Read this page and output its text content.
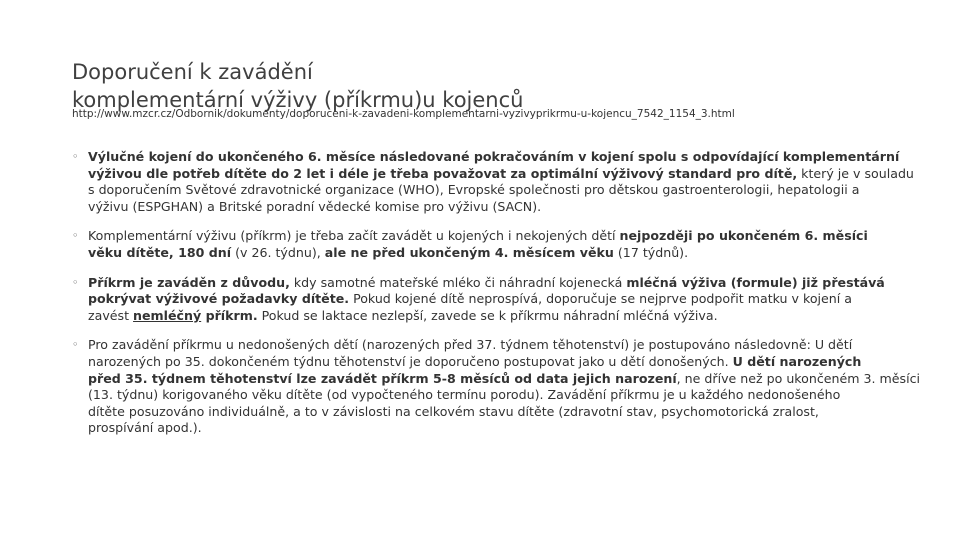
Doporučení k zavádění
komplementární výživy (příkrmu)u kojenců
http://www.mzcr.cz/Odbornik/dokumenty/doporuceni-k-zavadeni-komplementarni-vyzivyprikrmu-u-kojencu_7542_1154_3.html
◦ Výlučné kojení do ukončeného 6. měsíce následované pokračováním v kojení spolu s odpovídající komplementární
výživou dle potřeb dítěte do 2 let i déle je třeba považovat za optimální výživový standard pro dítě, který je v souladu
s doporučením Světové zdravotnické organizace (WHO), Evropské společnosti pro dětskou gastroenterologii, hepatologii a
výživu (ESPGHAN) a Britské poradní vědecké komise pro výživu (SACN).
◦ Komplementární výživu (příkrm) je třeba začít zavádět u kojených i nekojených dětí nejpozději po ukončeném 6. měsíci
věku dítěte, 180 dní (v 26. týdnu), ale ne před ukončeným 4. měsícem věku (17 týdnů).
◦ Příkrm je zaváděn z důvodu, kdy samotné mateřské mléko či náhradní kojenecká mléčná výživa (formule) již přestává
pokrývat výživové požadavky dítěte. Pokud kojené dítě neprospívá, doporučuje se nejprve podpořit matku v kojení a
zavést nemléčný příkrm. Pokud se laktace nezlepší, zavede se k příkrmu náhradní mléčná výživa.
◦ Pro zavádění příkrmu u nedonošených dětí (narozených před 37. týdnem těhotenství) je postupováno následovně: U dětí
narozených po 35. dokončeném týdnu těhotenství je doporučeno postupovat jako u dětí donošených. U dětí narozených
před 35. týdnem těhotenství lze zavádět příkrm 5-8 měsíců od data jejich narození, ne dříve než po ukončeném 3. měsíci
(13. týdnu) korigovaného věku dítěte (od vypočteného termínu porodu). Zavádění příkrmu je u každého nedonošeného
dítěte posuzováno individuálně, a to v závislosti na celkovém stavu dítěte (zdravotní stav, psychomotorická zralost,
prospívání apod.).
